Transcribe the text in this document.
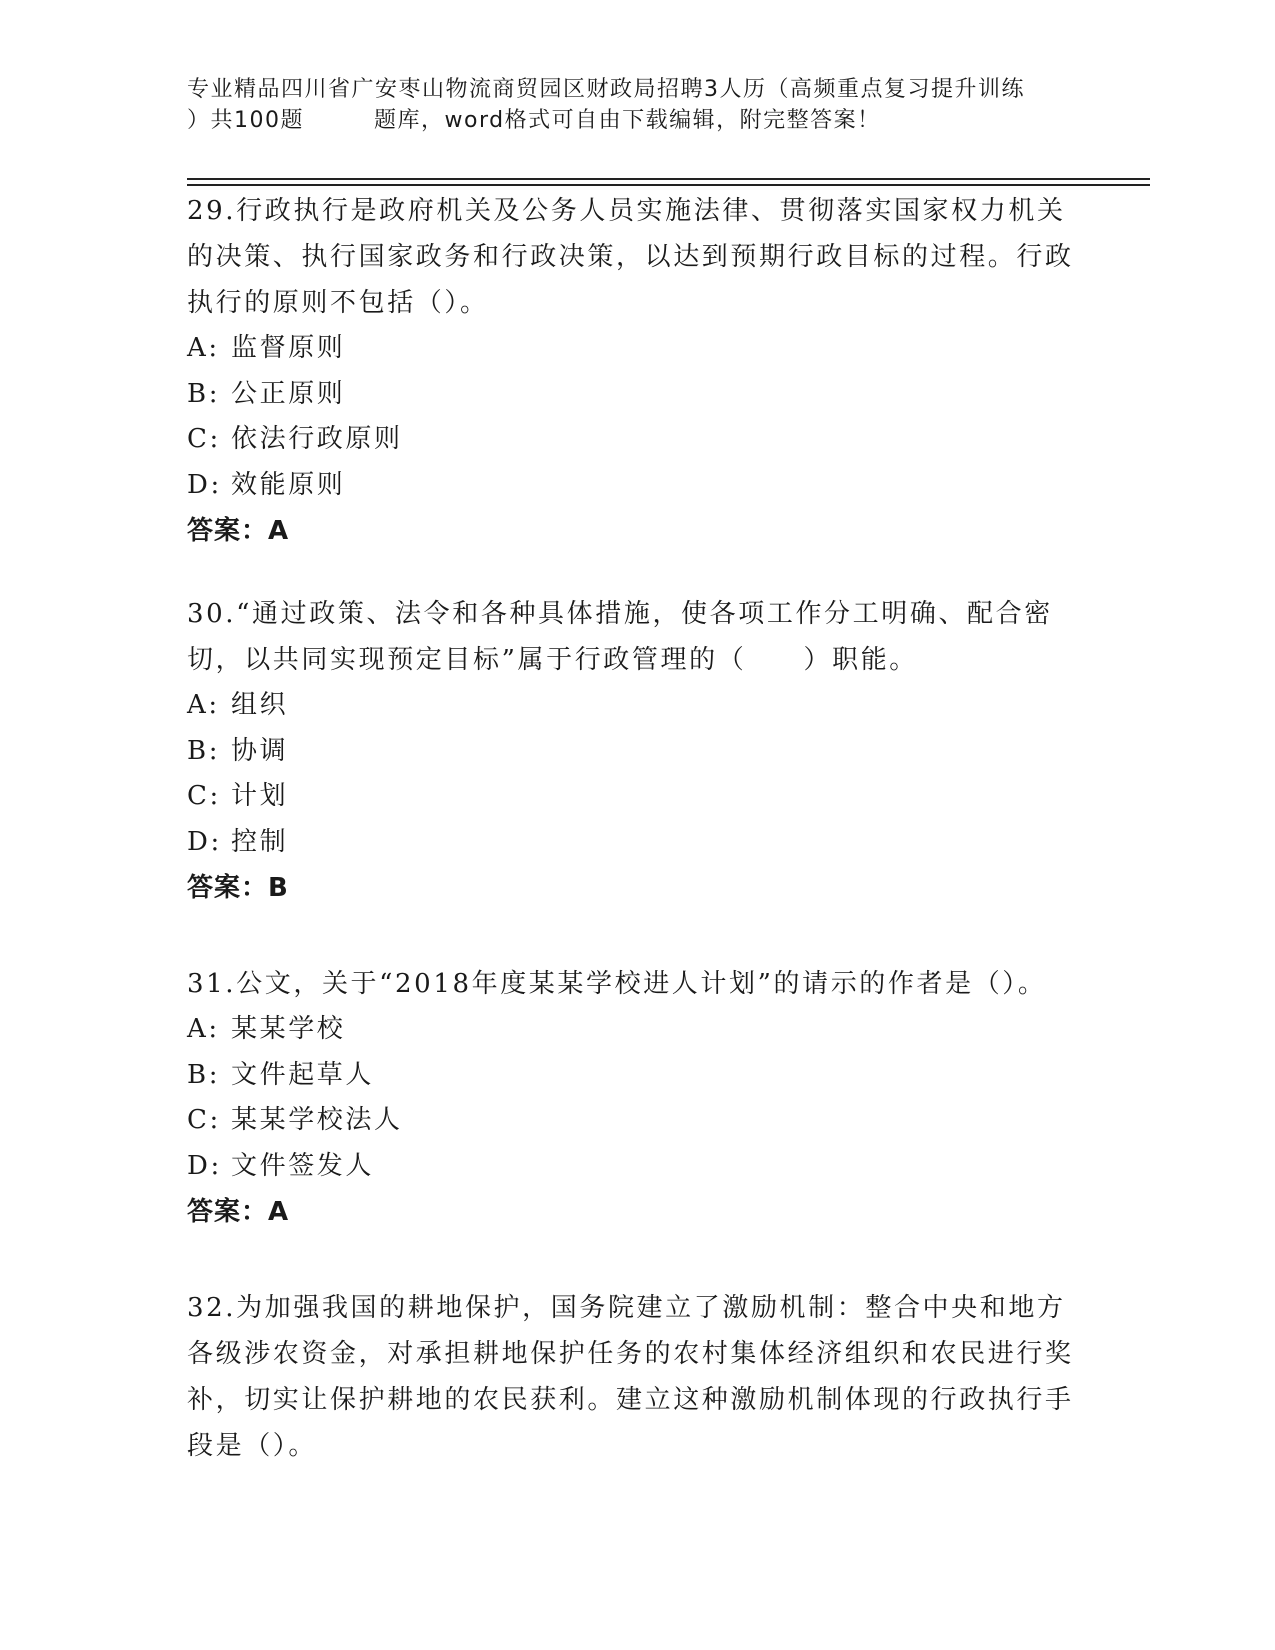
专业精品四川省广安枣山物流商贸园区财政局招聘3人历（高频重点复习提升训练
）共100题	题库，word格式可自由下载编辑，附完整答案！

29.行政执行是政府机关及公务人员实施法律、贯彻落实国家权力机关的决策、执行国家政务和行政决策，以达到预期行政目标的过程。行政执行的原则不包括（）。

A: 监督原则

B: 公正原则

C: 依法行政原则

D: 效能原则

答案：A

30.“通过政策、法令和各种具体措施，使各项工作分工明确、配合密切，以共同实现预定目标”属于行政管理的（　　）职能。

A: 组织

B: 协调

C: 计划

D: 控制

答案：B

31.公文，关于“2018年度某某学校进人计划”的请示的作者是（）。

A: 某某学校

B: 文件起草人

C: 某某学校法人

D: 文件签发人

答案：A

32.为加强我国的耕地保护，国务院建立了激励机制：整合中央和地方各级涉农资金，对承担耕地保护任务的农村集体经济组织和农民进行奖补，切实让保护耕地的农民获利。建立这种激励机制体现的行政执行手段是（）。
